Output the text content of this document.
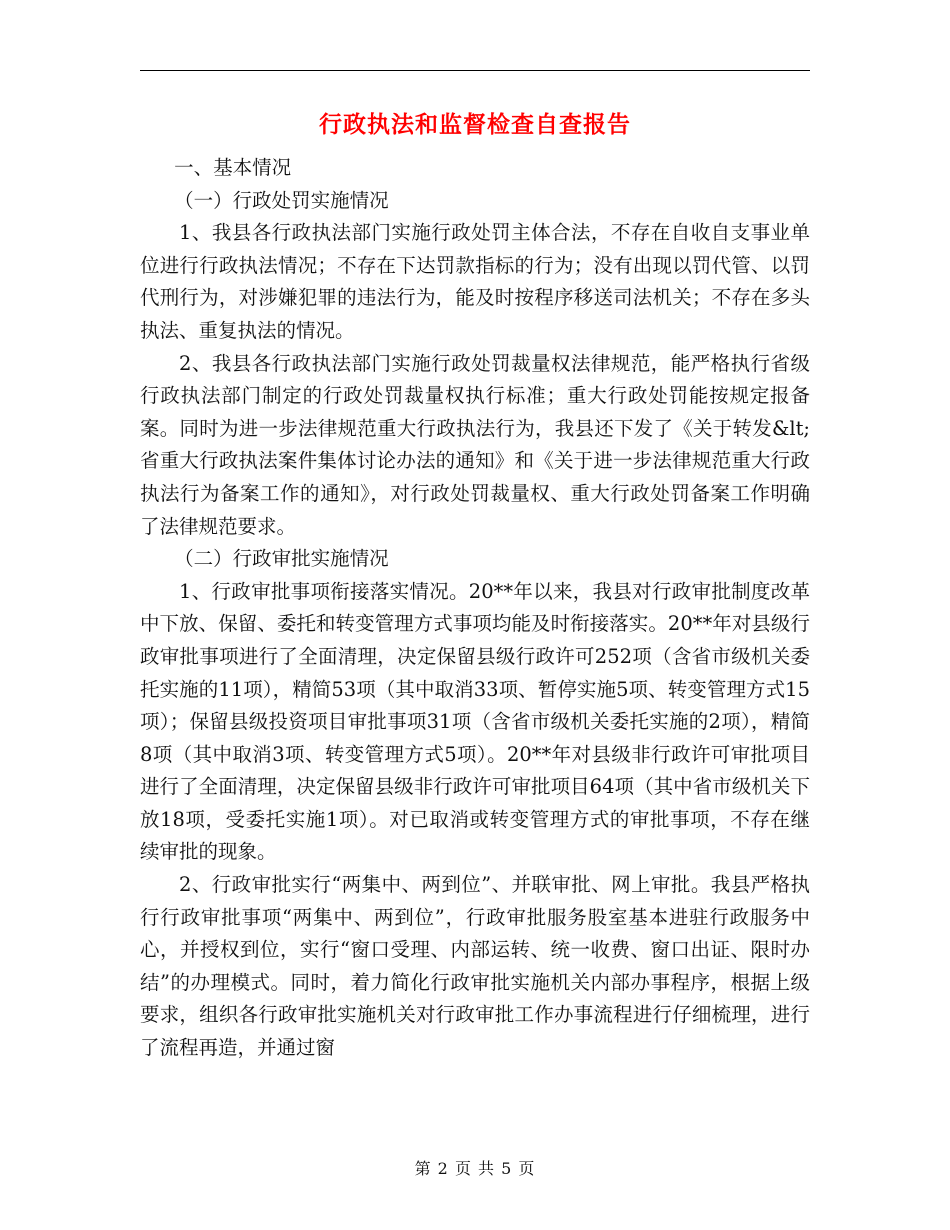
行政执法和监督检查自查报告

一、基本情况

（一）行政处罚实施情况

1、我县各行政执法部门实施行政处罚主体合法，不存在自收自支事业单位进行行政执法情况；不存在下达罚款指标的行为；没有出现以罚代管、以罚代刑行为，对涉嫌犯罪的违法行为，能及时按程序移送司法机关；不存在多头执法、重复执法的情况。

2、我县各行政执法部门实施行政处罚裁量权法律规范，能严格执行省级行政执法部门制定的行政处罚裁量权执行标准；重大行政处罚能按规定报备案。同时为进一步法律规范重大行政执法行为，我县还下发了《关于转发&lt;省重大行政执法案件集体讨论办法的通知》和《关于进一步法律规范重大行政执法行为备案工作的通知》，对行政处罚裁量权、重大行政处罚备案工作明确了法律规范要求。

（二）行政审批实施情况

1、行政审批事项衔接落实情况。20**年以来，我县对行政审批制度改革中下放、保留、委托和转变管理方式事项均能及时衔接落实。20**年对县级行政审批事项进行了全面清理，决定保留县级行政许可252项（含省市级机关委托实施的11项），精简53项（其中取消33项、暂停实施5项、转变管理方式15项）；保留县级投资项目审批事项31项（含省市级机关委托实施的2项），精简8项（其中取消3项、转变管理方式5项）。20**年对县级非行政许可审批项目进行了全面清理，决定保留县级非行政许可审批项目64项（其中省市级机关下放18项，受委托实施1项）。对已取消或转变管理方式的审批事项，不存在继续审批的现象。

2、行政审批实行“两集中、两到位”、并联审批、网上审批。我县严格执行行政审批事项“两集中、两到位”，行政审批服务股室基本进驻行政服务中心，并授权到位，实行“窗口受理、内部运转、统一收费、窗口出证、限时办结”的办理模式。同时，着力简化行政审批实施机关内部办事程序，根据上级要求，组织各行政审批实施机关对行政审批工作办事流程进行仔细梳理，进行了流程再造，并通过窗

第 2 页 共 5 页
